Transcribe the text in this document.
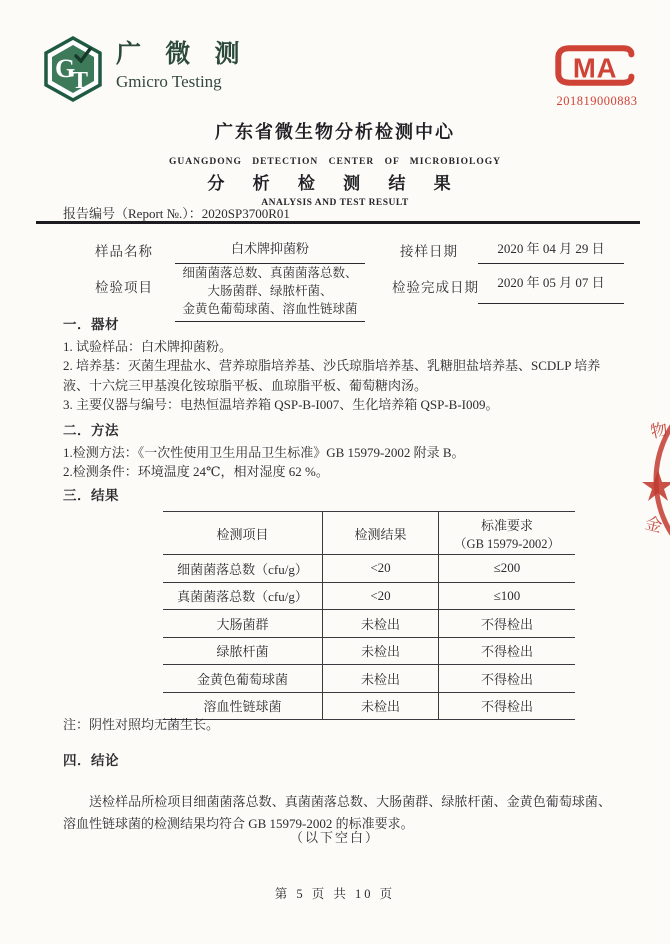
G
T
广 微 测
Gmicro Testing	MA
201819000883
广东省微生物分析检测中心
GUANGDONG DETECTION CENTER OF MICROBIOLOGY
分 析 检 测 结 果
ANALYSIS AND TEST RESULT
报告编号（Report №.）：2020SP3700R01
样品名称	白术牌抑菌粉	接样日期	2020 年 04 月 29 日
检验项目
细菌菌落总数、真菌菌落总数、
大肠菌群、绿脓杆菌、
金黄色葡萄球菌、溶血性链球菌
检验完成日期	2020 年 05 月 07 日
一．器材
1. 试验样品：白术牌抑菌粉。
2. 培养基：灭菌生理盐水、营养琼脂培养基、沙氏琼脂培养基、乳糖胆盐培养基、SCDLP 培养液、十六烷三甲基溴化铵琼脂平板、血琼脂平板、葡萄糖肉汤。
3. 主要仪器与编号：电热恒温培养箱 QSP-B-I007、生化培养箱 QSP-B-I009。
二．方法
1.检测方法：《一次性使用卫生用品卫生标准》GB 15979-2002 附录 B。
2.检测条件：环境温度 24℃，相对湿度 62 %。
三．结果
检测项目	检测结果	标准要求
（GB 15979-2002）

细菌菌落总数（cfu/g）	<20	≤200
真菌菌落总数（cfu/g）	<20	≤100
大肠菌群	未检出	不得检出
绿脓杆菌	未检出	不得检出
金黄色葡萄球菌	未检出	不得检出
溶血性链球菌	未检出	不得检出
注：阴性对照均无菌生长。
四．结论
送检样品所检项目细菌菌落总数、真菌菌落总数、大肠菌群、绿脓杆菌、金黄色葡萄球菌、溶血性链球菌的检测结果均符合 GB 15979-2002 的标准要求。
（以下空白）
第 5 页 共 10 页
物
金
